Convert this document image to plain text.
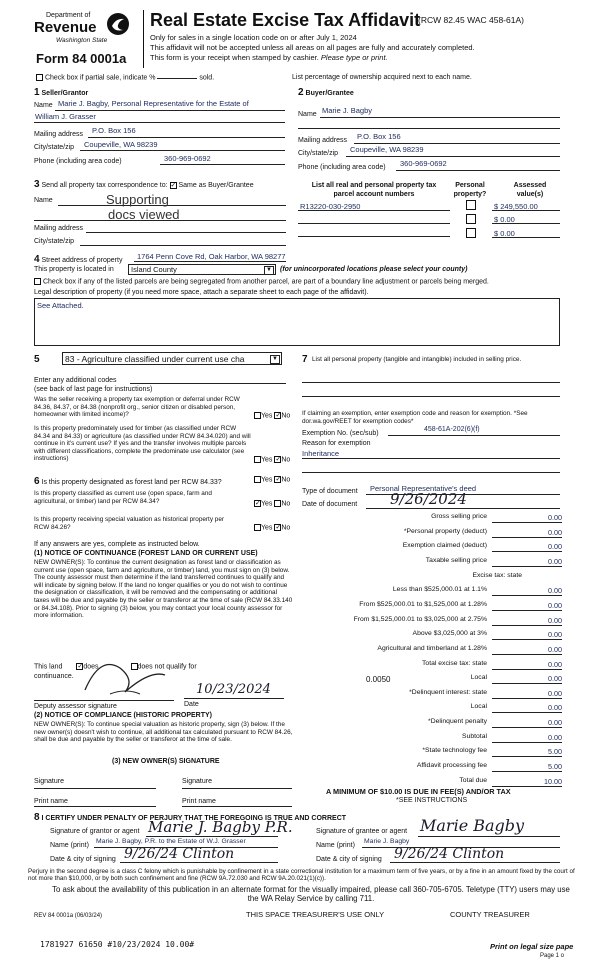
Department of
Revenue
Washington State
Form 84 0001a
Real Estate Excise Tax Affidavit
(RCW 82.45 WAC 458-61A)
Only for sales in a single location code on or after July 1, 2024
This affidavit will not be accepted unless all areas on all pages are fully and accurately completed.
This form is your receipt when stamped by cashier. Please type or print.
Check box if partial sale, indicate %	sold.	List percentage of ownership acquired next to each name.
1 Seller/Grantor
Name Marie J. Bagby, Personal Representative for the Estate of
William J. Grasser
Mailing address P.O. Box 156
City/state/zip Coupeville, WA 98239
Phone (including area code)	360-969-0692
2 Buyer/Grantee
Name Marie J. Bagby
Mailing address P.O. Box 156
City/state/zip Coupeville, WA 98239
Phone (including area code) 360-969-0692
3 Send all property tax correspondence to: ✓ Same as Buyer/Grantee
Name	Supporting
docs viewed
Mailing address
City/state/zip
List all real and personal property tax parcel account numbers
Personal property?
Assessed value(s)
R13220-030-2950	$ 249,550.00
$ 0.00
$ 0.00
4 Street address of property 1764 Penn Cove Rd, Oak Harbor, WA 98277
This property is located in	Island County	▼ (for unincorporated locations please select your county)
Check box if any of the listed parcels are being segregated from another parcel, are part of a boundary line adjustment or parcels being merged.
Legal description of property (if you need more space, attach a separate sheet to each page of the affidavit).
See Attached.
5	83 - Agriculture classified under current use cha	▼
Enter any additional codes
(see back of last page for instructions)
Was the seller receiving a property tax exemption or deferral under RCW 84.36, 84.37, or 84.38 (nonprofit org., senior citizen or disabled person, homeowner with limited income)?	Yes ✓No
Is this property predominately used for timber (as classified under RCW 84.34 and 84.33) or agriculture (as classified under RCW 84.34.020) and will continue in it's current use? If yes and the transfer involves multiple parcels with different classifications, complete the predominate use calculator (see instructions)	Yes ✓No
6 Is this property designated as forest land per RCW 84.33?	Yes ✓No
Is this property classified as current use (open space, farm and agricultural, or timber) land per RCW 84.34?	✓Yes No
Is this property receiving special valuation as historical property per RCW 84.26?	Yes ✓No
If any answers are yes, complete as instructed below.
(1) NOTICE OF CONTINUANCE (FOREST LAND OR CURRENT USE)
NEW OWNER(S): To continue the current designation as forest land or classification as current use (open space, farm and agriculture, or timber) land, you must sign on (3) below. The county assessor must then determine if the land transferred continues to qualify and will indicate by signing below. If the land no longer qualifies or you do not wish to continue the designation or classification, it will be removed and the compensating or additional taxes will be due and payable by the seller or transferor at the time of sale (RCW 84.33.140 or 84.34.108). Prior to signing (3) below, you may contact your local county assessor for more information.
This land ✓does	does not qualify for
continuance.
Deputy assessor signature
10/23/2024
Date
(2) NOTICE OF COMPLIANCE (HISTORIC PROPERTY)
NEW OWNER(S): To continue special valuation as historic property, sign (3) below. If the new owner(s) doesn't wish to continue, all additional tax calculated pursuant to RCW 84.26, shall be due and payable by the seller or transferor at the time of sale.
(3) NEW OWNER(S) SIGNATURE
Signature	Signature
Print name	Print name
7 List all personal property (tangible and intangible) included in selling price.
If claiming an exemption, enter exemption code and reason for exemption. *See dor.wa.gov/REET for exemption codes*
Exemption No. (sec/sub)
458-61A-202(6)(f)
Reason for exemption
Inheritance
Type of document Personal Representative's deed
Date of document 9/26/2024
Gross selling price	0.00
*Personal property (deduct)	0.00
Exemption claimed (deduct)	0.00
Taxable selling price	0.00
Excise tax: state
Less than $525,000.01 at 1.1%	0.00
From $525,000.01 to $1,525,000 at 1.28%	0.00
From $1,525,000.01 to $3,025,000 at 2.75%	0.00
Above $3,025,000 at 3%	0.00
Agricultural and timberland at 1.28%	0.00
Total excise tax: state	0.00
Local	0.00
*Delinquent interest: state	0.00
Local	0.00
*Delinquent penalty	0.00
Subtotal	0.00
*State technology fee	5.00
Affidavit processing fee	5.00
Total due	10.00
0.0050
A MINIMUM OF $10.00 IS DUE IN FEE(S) AND/OR TAX
*SEE INSTRUCTIONS
8 I CERTIFY UNDER PENALTY OF PERJURY THAT THE FOREGOING IS TRUE AND CORRECT
Signature of grantor or agent Marie J. Bagby P.R.
Name (print)
Marie J. Bagby, P.R. to the Estate of W.J. Grasser
Date & city of signing 9/26/24 Clinton
Signature of grantee or agent Marie Bagby
Name (print)
Marie J. Bagby
Date & city of signing 9/26/24 Clinton
Perjury in the second degree is a class C felony which is punishable by confinement in a state correctional institution for a maximum term of five years, or by a fine in an amount fixed by the court of not more than $10,000, or by both such confinement and fine (RCW 9A.72.030 and RCW 9A.20.021(1)(c)).
To ask about the availability of this publication in an alternate format for the visually impaired, please call 360-705-6705. Teletype (TTY) users may use the WA Relay Service by calling 711.
REV 84 0001a (06/03/24)	THIS SPACE TREASURER'S USE ONLY	COUNTY TREASURER
1781927 61650 #10/23/2024 10.00#	Print on legal size pape
Page 1 o
